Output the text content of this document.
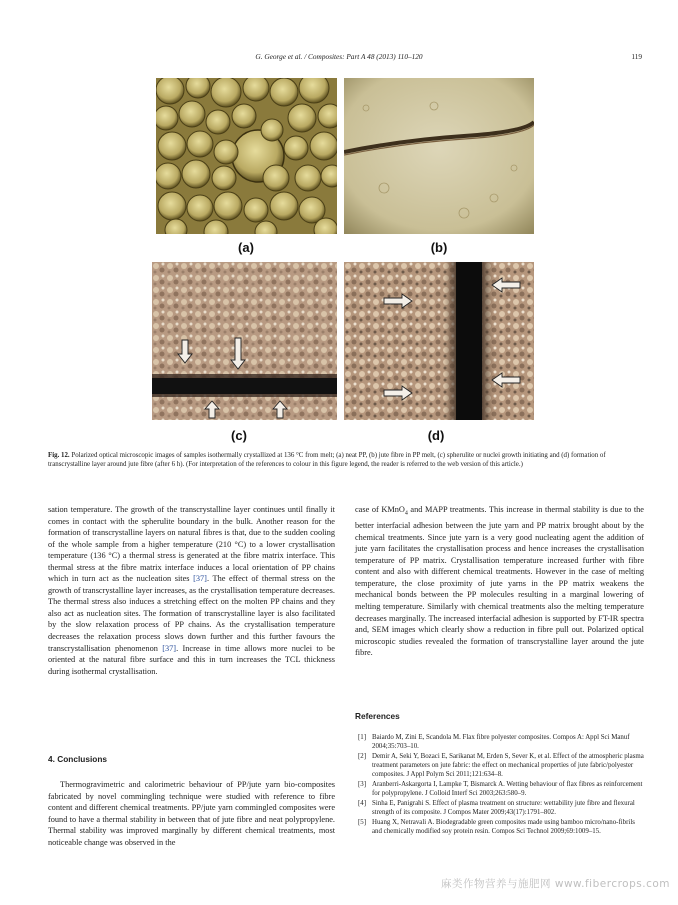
G. George et al. / Composites: Part A 48 (2013) 110–120	119
(a)	(b)
(c)	(d)
Fig. 12. Polarized optical microscopic images of samples isothermally crystallized at 136 °C from melt; (a) neat PP, (b) jute fibre in PP melt, (c) spherulite or nuclei growth initiating and (d) formation of transcrystalline layer around jute fibre (after 6 h). (For interpretation of the references to colour in this figure legend, the reader is referred to the web version of this article.)

sation temperature. The growth of the transcrystalline layer continues until finally it comes in contact with the spherulite boundary in the bulk. Another reason for the formation of transcrystalline layers on natural fibres is that, due to the sudden cooling of the whole sample from a higher temperature (210 °C) to a lower crystallisation temperature (136 °C) a thermal stress is generated at the fibre matrix interface. This thermal stress at the fibre matrix interface induces a local orientation of PP chains which in turn act as the nucleation sites [37]. The effect of thermal stress on the growth of transcrystalline layer increases, as the crystallisation temperature decreases. The thermal stress also induces a stretching effect on the molten PP chains and they also act as nucleation sites. The formation of transcrystalline layer is also facilitated by the slow relaxation process of PP chains. As the crystallisation temperature decreases the relaxation process slows down further and this further favours the transcrystallisation phenomenon [37]. Increase in time allows more nuclei to be oriented at the natural fibre surface and this in turn increases the TCL thickness during isothermal crystallisation.

4. Conclusions

Thermogravimetric and calorimetric behaviour of PP/jute yarn bio-composites fabricated by novel commingling technique were studied with reference to fibre content and different chemical treatments. PP/jute yarn commingled composites were found to have a thermal stability in between that of jute fibre and neat polypropylene. Thermal stability was improved marginally by different chemical treatments, most noticeable change was observed in the

case of KMnO$_4$ and MAPP treatments. This increase in thermal stability is due to the better interfacial adhesion between the jute yarn and PP matrix brought about by the chemical treatments. Since jute yarn is a very good nucleating agent the addition of jute yarn facilitates the crystallisation process and hence increases the crystallisation temperature of PP matrix. Crystallisation temperature increased further with fibre content and also with different chemical treatments. However in the case of melting temperature, the close proximity of jute yarns in the PP matrix weakens the mechanical bonds between the PP molecules resulting in a marginal lowering of melting temperature. Similarly with chemical treatments also the melting temperature decreases marginally. The increased interfacial adhesion is supported by FT-IR spectra and, SEM images which clearly show a reduction in fibre pull out. Polarized optical microscopic studies revealed the formation of transcrystalline layer around the jute fibre.

References
[1] Baiardo M, Zini E, Scandola M. Flax fibre polyester composites. Compos A: Appl Sci Manuf 2004;35:703–10.
[2] Demir A, Seki Y, Bozaci E, Sarikanat M, Erden S, Sever K, et al. Effect of the atmospheric plasma treatment parameters on jute fabric: the effect on mechanical properties of jute fabric/polyester composites. J Appl Polym Sci 2011;121:634–8.
[3] Aranberri-Askargorta I, Lampke T, Bismarck A. Wetting behaviour of flax fibres as reinforcement for polypropylene. J Colloid Interf Sci 2003;263:580–9.
[4] Sinha E, Panigrahi S. Effect of plasma treatment on structure: wettability jute fibre and flexural strength of its composite. J Compos Mater 2009;43(17):1791–802.
[5] Huang X, Netravali A. Biodegradable green composites made using bamboo micro/nano-fibrils and chemically modified soy protein resin. Compos Sci Technol 2009;69:1009–15.
麻类作物营养与施肥网 www.fibercrops.com
